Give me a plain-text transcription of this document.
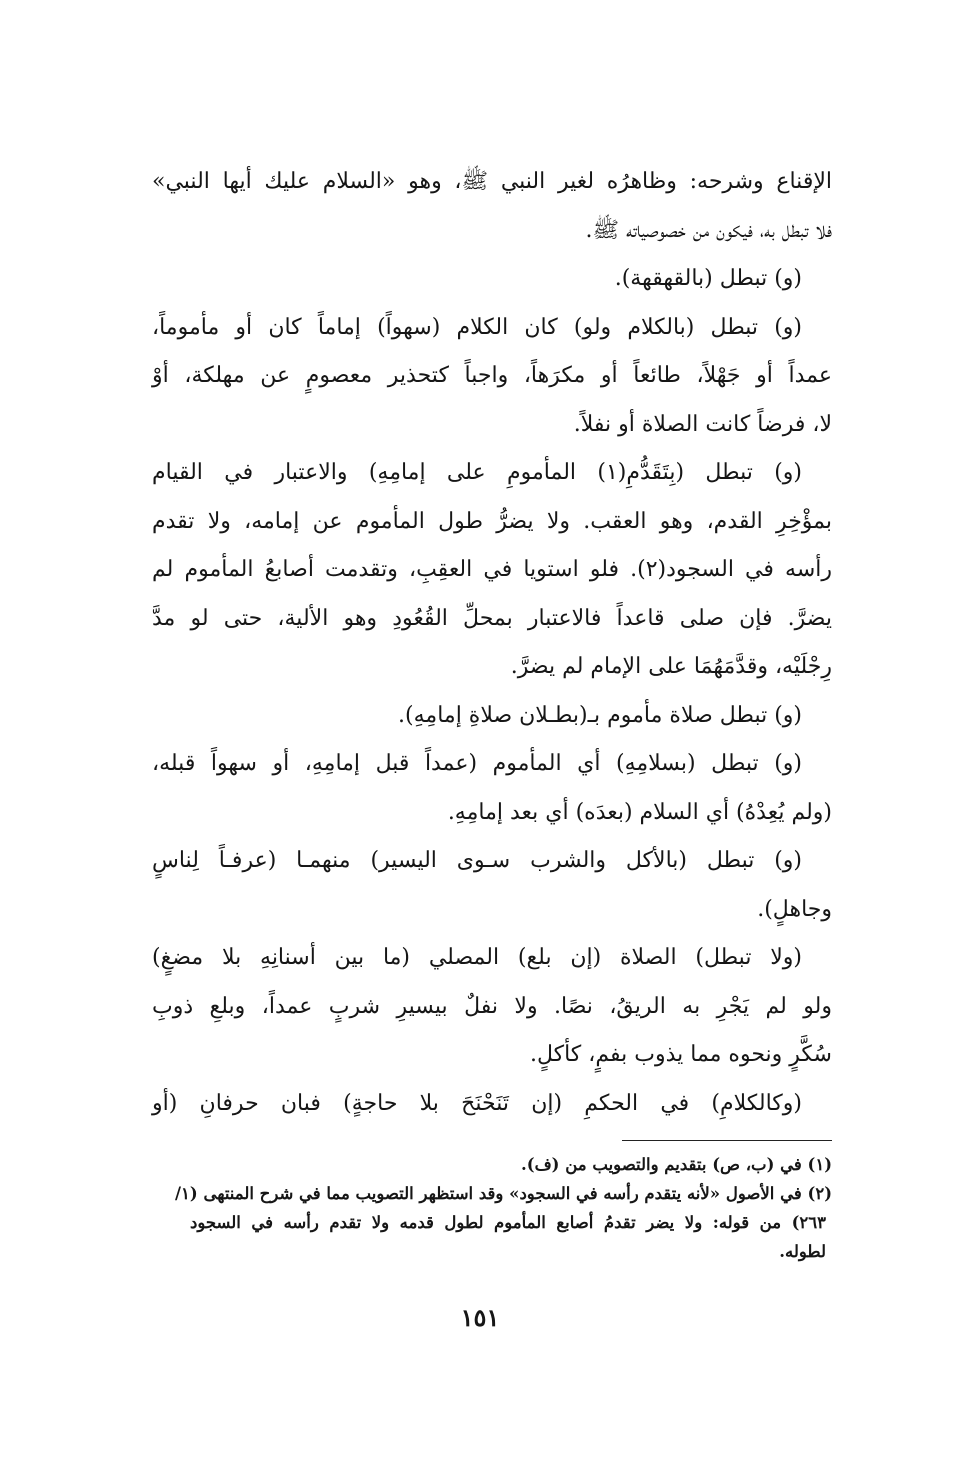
الإقناع وشرحه: وظاهرُه لغير النبي ﷺ، وهو «السلام عليك أيها النبي»
فلا تبطل به، فيكون من خصوصياته ﷺ.
(و) تبطل (بالقهقهة).
(و) تبطل (بالكلام ولو) كان الكلام (سهواً) إماماً كان أو مأموماً،
عمداً أو جَهْلاً، طائعاً أو مكرَهاً، واجباً كتحذير معصومٍ عن مهلكة، أوْ
لا، فرضاً كانت الصلاة أو نفلاً.
(و) تبطل (بِتَقَدُّمِ(١) المأمومِ على إمامِهِ) والاعتبار في القيام
بمؤْخِرِ القدم، وهو العقب. ولا يضرُّ طول المأموم عن إمامه، ولا تقدم
رأسه في السجود(٢). فلو استويا في العقِبِ، وتقدمت أصابعُ المأموم لم
يضرَّ. فإن صلى قاعداً فالاعتبار بمحلِّ القُعُودِ وهو الألية، حتى لو مدَّ
رِجْلَيْه، وقدَّمَهُمَا على الإمام لم يضرَّ.
(و) تبطل صلاة مأموم بـ(بطـلان صلاةِ إمامِهِ).
(و) تبطل (بسلامِهِ) أي المأموم (عمداً قبل إمامِهِ، أو سهواً قبله،
(ولم يُعِدْهُ) أي السلام (بعدَه) أي بعد إمامِهِ.
(و) تبطل (بالأكل والشرب سـوى اليسير) منهمـا (عرفـاً لِناسٍ
وجاهلٍ).
(ولا تبطل) الصلاة (إن بلع) المصلي (ما بين أسنانِهِ بلا مضغٍ)
ولو لم يَجْرِ به الريقُ، نصًا. ولا نفلٌ بيسيرِ شربٍ عمداً، وبلعِ ذوبِ
سُكَّرٍ ونحوه مما يذوب بفمٍ، كأكلٍ.
(وكالكلامِ) في الحكمِ (إن تَنَحْنَحَ بلا حاجةٍ) فبان حرفانِ (أو
(١) في (ب، ص) بتقديم والتصويب من (ف).
(٢) في الأصول «لأنه يتقدم رأسه في السجود» وقد استظهر التصويب مما في شرح المنتهى (١/
٢٦٣) من قوله: ولا يضر تقدمُ أصابع المأموم لطول قدمه ولا تقدم رأسه في السجود
لطوله.
١٥١
